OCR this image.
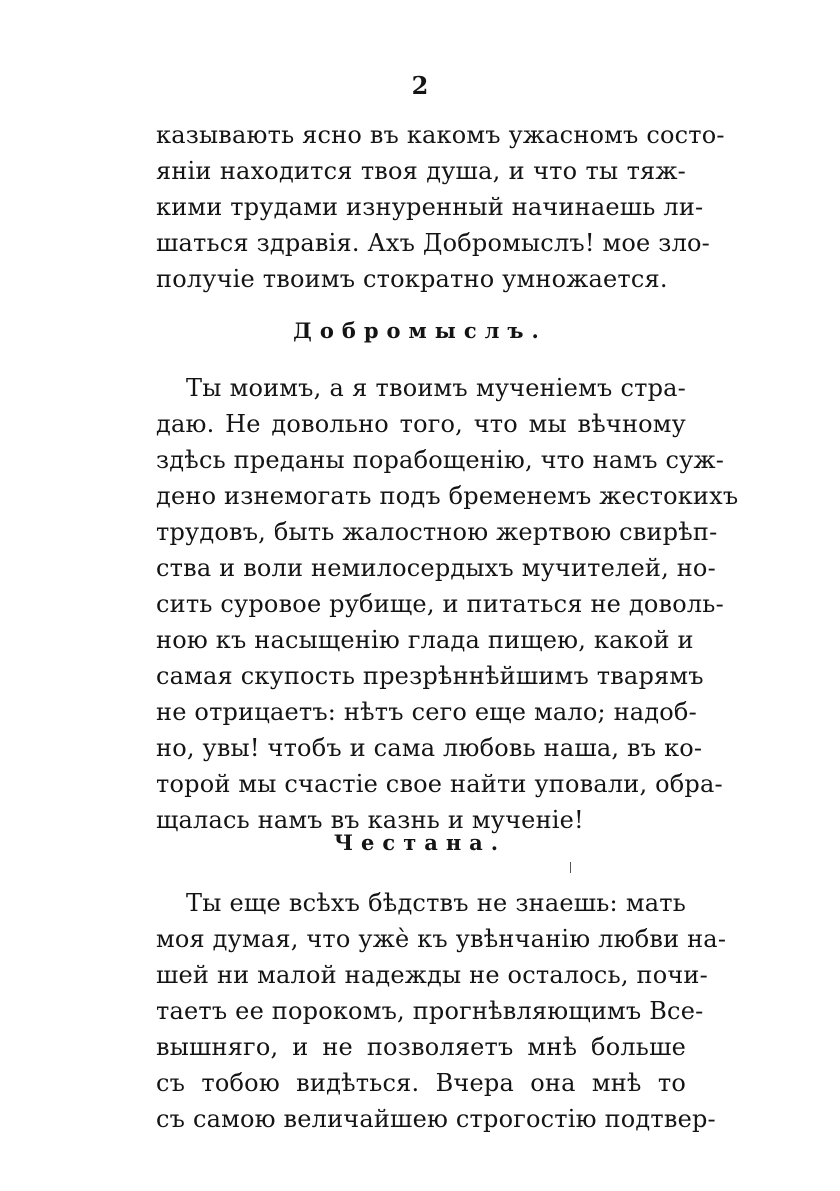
2
казывають ясно въ какомъ ужасномъ состо-
янiи находится твоя душа, и что ты тяж-
кими трудами изнуренный начинаешь ли-
шаться здравiя. Ахъ Добромыслъ! мое зло-
получiе твоимъ стократно умножается.
Добромыслъ.
Ты моимъ, а я твоимъ мученiемъ стра-
даю. Не довольно того, что мы вѣчному
здѣсь преданы порабощенiю, что намъ суж-
дено изнемогать подъ бременемъ жестокихъ
трудовъ, быть жалостною жертвою свирѣп-
ства и воли немилосердыхъ мучителей, но-
сить суровое рубище, и питаться не доволь-
ною къ насыщенiю глада пищею, какой и
самая скупость презрѣннѣйшимъ тварямъ
не отрицаетъ: нѣтъ сего еще мало; надоб-
но, увы! чтобъ и сама любовь наша, въ ко-
торой мы счастiе свое найти уповали, обра-
щалась намъ въ казнь и мученiе!
Честана.
Ты еще всѣхъ бѣдствъ не знаешь: мать
моя думая, что ужѐ къ увѣнчанiю любви на-
шей ни малой надежды не осталось, почи-
таетъ ее порокомъ, прогнѣвляющимъ Все-
вышняго, и не позволяетъ мнѣ больше
съ тобою видѣться. Вчера она мнѣ то
съ самою величайшею строгостiю подтвер-
